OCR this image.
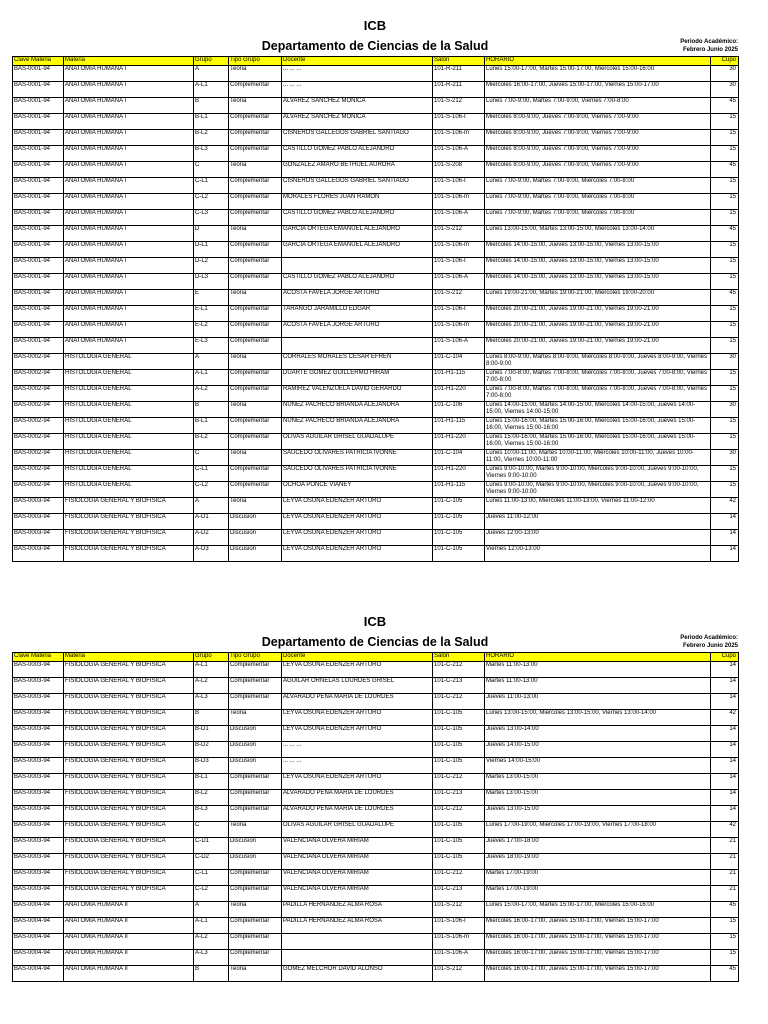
ICB
Departamento de Ciencias de la Salud	Periodo Académico:
Febrero Junio 2025
Clave Materia	Materia	Grupo	Tipo Grupo	Docente	Salón	HORARIO	Cupo
BAS-0001-94	ANATOMIA HUMANA I	A	Teoria	... ... ...	101-R-211	Lunes 15:00-17:00, Martes 15:00-17:00, Miércoles 15:00-16:00	30
BAS-0001-94	ANATOMIA HUMANA I	A-L1	Complementar	... ... ...	101-R-211	Miércoles 16:00-17:00, Jueves 15:00-17:00, Viernes 15:00-17:00	30
BAS-0001-94	ANATOMIA HUMANA I	B	Teoria	ALVAREZ SANCHEZ MONICA	101-S-212	Lunes 7:00-9:00, Martes 7:00-9:00, Viernes 7:00-8:00	45
BAS-0001-94	ANATOMIA HUMANA I	B-L1	Complementar	ALVAREZ SANCHEZ MONICA	101-S-106-I	Miércoles 8:00-9:00, Jueves 7:00-9:00, Viernes 7:00-9:00	15
BAS-0001-94	ANATOMIA HUMANA I	B-L2	Complementar	CISNEROS GALLEGOS GABRIEL SANTIAGO	101-S-106-m	Miércoles 8:00-9:00, Jueves 7:00-9:00, Viernes 7:00-9:00	15
BAS-0001-94	ANATOMIA HUMANA I	B-L3	Complementar	CASTILLO GOMEZ PABLO ALEJANDRO	101-S-106-A	Miércoles 8:00-9:00, Jueves 7:00-9:00, Viernes 7:00-9:00	15
BAS-0001-94	ANATOMIA HUMANA I	C	Teoria	GONZALEZ AMARO BETHUEL AURORA	101-S-208	Miércoles 8:00-9:00, Jueves 7:00-9:00, Viernes 7:00-9:00	45
BAS-0001-94	ANATOMIA HUMANA I	C-L1	Complementar	CISNEROS GALLEGOS GABRIEL SANTIAGO	101-S-106-I	Lunes 7:00-9:00, Martes 7:00-9:00, Miércoles 7:00-8:00	15
BAS-0001-94	ANATOMIA HUMANA I	C-L2	Complementar	MORALES FLORES JUAN RAMON	101-S-106-m	Lunes 7:00-9:00, Martes 7:00-9:00, Miércoles 7:00-8:00	15
BAS-0001-94	ANATOMIA HUMANA I	C-L3	Complementar	CASTILLO GOMEZ PABLO ALEJANDRO	101-S-106-A	Lunes 7:00-9:00, Martes 7:00-9:00, Miércoles 7:00-8:00	15
BAS-0001-94	ANATOMIA HUMANA I	D	Teoria	GARCIA ORTEGA EMANUEL ALEJANDRO	101-S-212	Lunes 13:00-15:00, Martes 13:00-15:00, Miércoles 13:00-14:00	45
BAS-0001-94	ANATOMIA HUMANA I	D-L1	Complementar	GARCIA ORTEGA EMANUEL ALEJANDRO	101-S-106-m	Miércoles 14:00-15:00, Jueves 13:00-15:00, Viernes 13:00-15:00	15
BAS-0001-94	ANATOMIA HUMANA I	D-L2	Complementar		101-S-106-I	Miércoles 14:00-15:00, Jueves 13:00-15:00, Viernes 13:00-15:00	15
BAS-0001-94	ANATOMIA HUMANA I	D-L3	Complementar	CASTILLO GOMEZ PABLO ALEJANDRO	101-S-106-A	Miércoles 14:00-15:00, Jueves 13:00-15:00, Viernes 13:00-15:00	15
BAS-0001-94	ANATOMIA HUMANA I	E	Teoria	ACOSTA FAVELA JORGE ARTURO	101-S-212	Lunes 19:00-21:00, Martes 19:00-21:00, Miércoles 19:00-20:00	45
BAS-0001-94	ANATOMIA HUMANA I	E-L1	Complementar	TARANGO JARAMILLO EDGAR	101-S-106-I	Miércoles 20:00-21:00, Jueves 19:00-21:00, Viernes 19:00-21:00	15
BAS-0001-94	ANATOMIA HUMANA I	E-L2	Complementar	ACOSTA FAVELA JORGE ARTURO	101-S-106-m	Miércoles 20:00-21:00, Jueves 19:00-21:00, Viernes 19:00-21:00	15
BAS-0001-94	ANATOMIA HUMANA I	E-L3	Complementar		101-S-106-A	Miércoles 20:00-21:00, Jueves 19:00-21:00, Viernes 19:00-21:00	15
BAS-0002-94	HISTOLOGIA GENERAL	A	Teoria	CORRALES MORALES CESAR EFREN	101-C-104	Lunes 8:00-9:00, Martes 8:00-9:00, Miércoles 8:00-9:00, Jueves 8:00-9:00, Viernes 8:00-9:00	30
BAS-0002-94	HISTOLOGIA GENERAL	A-L1	Complementar	DUARTE GOMEZ GUILLERMO HIRAM	101-H1-115	Lunes 7:00-8:00, Martes 7:00-8:00, Miércoles 7:00-8:00, Jueves 7:00-8:00, Viernes 7:00-8:00	15
BAS-0002-94	HISTOLOGIA GENERAL	A-L2	Complementar	RAMIREZ VALENZUELA DAVID GERARDO	101-H1-220	Lunes 7:00-8:00, Martes 7:00-8:00, Miércoles 7:00-8:00, Jueves 7:00-8:00, Viernes 7:00-8:00	15
BAS-0002-94	HISTOLOGIA GENERAL	B	Teoria	NUÑEZ PACHECO BRIANDA ALEJANDRA	101-C-106	Lunes 14:00-15:00, Martes 14:00-15:00, Miércoles 14:00-15:00, Jueves 14:00-15:00, Viernes 14:00-15:00	30
BAS-0002-94	HISTOLOGIA GENERAL	B-L1	Complementar	NUÑEZ PACHECO BRIANDA ALEJANDRA	101-H1-115	Lunes 15:00-16:00, Martes 15:00-16:00, Miércoles 15:00-16:00, Jueves 15:00-16:00, Viernes 15:00-16:00	15
BAS-0002-94	HISTOLOGIA GENERAL	B-L2	Complementar	OLIVAS AGUILAR GRISEL GUADALUPE	101-H1-220	Lunes 15:00-16:00, Martes 15:00-16:00, Miércoles 15:00-16:00, Jueves 15:00-16:00, Viernes 15:00-16:00	15
BAS-0002-94	HISTOLOGIA GENERAL	C	Teoria	SAUCEDO OLIVARES PATRICIA IVONNE	101-C-104	Lunes 10:00-11:00, Martes 10:00-11:00, Miércoles 10:00-11:00, Jueves 10:00-11:00, Viernes 10:00-11:00	30
BAS-0002-94	HISTOLOGIA GENERAL	C-L1	Complementar	SAUCEDO OLIVARES PATRICIA IVONNE	101-H1-220	Lunes 9:00-10:00, Martes 9:00-10:00, Miércoles 9:00-10:00, Jueves 9:00-10:00, Viernes 9:00-10:00	15
BAS-0002-94	HISTOLOGIA GENERAL	C-L2	Complementar	OCHOA PONCE VIANEY	101-H1-115	Lunes 9:00-10:00, Martes 9:00-10:00, Miércoles 9:00-10:00, Jueves 9:00-10:00, Viernes 9:00-10:00	15
BAS-0003-94	FISIOLOGIA GENERAL Y BIOFISICA	A	Teoria	LEYVA OSUNA EDENZER ARTURO	101-C-105	Lunes 11:00-13:00, Miércoles 11:00-13:00, Viernes 11:00-12:00	42
BAS-0003-94	FISIOLOGIA GENERAL Y BIOFISICA	A-D1	Discusion	LEYVA OSUNA EDENZER ARTURO	101-C-105	Jueves 11:00-12:00	14
BAS-0003-94	FISIOLOGIA GENERAL Y BIOFISICA	A-D2	Discusion	LEYVA OSUNA EDENZER ARTURO	101-C-105	Jueves 12:00-13:00	14
BAS-0003-94	FISIOLOGIA GENERAL Y BIOFISICA	A-D3	Discusion	LEYVA OSUNA EDENZER ARTURO	101-C-105	Viernes 12:00-13:00	14
ICB
Departamento de Ciencias de la Salud	Periodo Académico:
Febrero Junio 2025
Clave Materia	Materia	Grupo	Tipo Grupo	Docente	Salón	HORARIO	Cupo
BAS-0003-94	FISIOLOGIA GENERAL Y BIOFISICA	A-L1	Complementar	LEYVA OSUNA EDENZER ARTURO	101-C-212	Martes 11:00-13:00	14
BAS-0003-94	FISIOLOGIA GENERAL Y BIOFISICA	A-L2	Complementar	AGUILAR ORNELAS LOURDES GRISEL	101-C-213	Martes 11:00-13:00	14
BAS-0003-94	FISIOLOGIA GENERAL Y BIOFISICA	A-L3	Complementar	ALVARADO PEÑA MARIA DE LOURDES	101-C-212	Jueves 11:00-13:00	14
BAS-0003-94	FISIOLOGIA GENERAL Y BIOFISICA	B	Teoria	LEYVA OSUNA EDENZER ARTURO	101-C-105	Lunes 13:00-15:00, Miercoles 13:00-15:00, Viernes 13:00-14:00	42
BAS-0003-94	FISIOLOGIA GENERAL Y BIOFISICA	B-D1	Discusion	LEYVA OSUNA EDENZER ARTURO	101-C-105	Jueves 13:00-14:00	14
BAS-0003-94	FISIOLOGIA GENERAL Y BIOFISICA	B-D2	Discusion	... ... ...	101-C-105	Jueves 14:00-15:00	14
BAS-0003-94	FISIOLOGIA GENERAL Y BIOFISICA	B-D3	Discusion	... ... ...	101-C-105	Viernes 14:00-15:00	14
BAS-0003-94	FISIOLOGIA GENERAL Y BIOFISICA	B-L1	Complementar	LEYVA OSUNA EDENZER ARTURO	101-C-212	Martes 13:00-15:00	14
BAS-0003-94	FISIOLOGIA GENERAL Y BIOFISICA	B-L2	Complementar	ALVARADO PEÑA MARIA DE LOURDES	101-C-213	Martes 13:00-15:00	14
BAS-0003-94	FISIOLOGIA GENERAL Y BIOFISICA	B-L3	Complementar	ALVARADO PEÑA MARIA DE LOURDES	101-C-212	Jueves 13:00-15:00	14
BAS-0003-94	FISIOLOGIA GENERAL Y BIOFISICA	C	Teoria	OLIVAS AGUILAR GRISEL GUADALUPE	101-C-105	Lunes 17:00-19:00, Miercoles 17:00-19:00, Viernes 17:00-18:00	42
BAS-0003-94	FISIOLOGIA GENERAL Y BIOFISICA	C-D1	Discusion	VALENCIANA OLVERA MIRIAM	101-C-105	Jueves 17:00-18:00	21
BAS-0003-94	FISIOLOGIA GENERAL Y BIOFISICA	C-D2	Discusion	VALENCIANA OLVERA MIRIAM	101-C-105	Jueves 18:00-19:00	21
BAS-0003-94	FISIOLOGIA GENERAL Y BIOFISICA	C-L1	Complementar	VALENCIANA OLVERA MIRIAM	101-C-212	Martes 17:00-19:00	21
BAS-0003-94	FISIOLOGIA GENERAL Y BIOFISICA	C-L2	Complementar	VALENCIANA OLVERA MIRIAM	101-C-213	Martes 17:00-19:00	21
BAS-0004-94	ANATOMIA HUMANA II	A	Teoria	PADILLA HERNANDEZ ALMA ROSA	101-S-212	Lunes 15:00-17:00, Martes 15:00-17:00, Miércoles 15:00-16:00	45
BAS-0004-94	ANATOMIA HUMANA II	A-L1	Complementar	PADILLA HERNANDEZ ALMA ROSA	101-S-106-I	Miércoles 16:00-17:00, Jueves 15:00-17:00, Viernes 15:00-17:00	15
BAS-0004-94	ANATOMIA HUMANA II	A-L2	Complementar		101-S-106-m	Miércoles 16:00-17:00, Jueves 15:00-17:00, Viernes 15:00-17:00	15
BAS-0004-94	ANATOMIA HUMANA II	A-L3	Complementar		101-S-106-A	Miércoles 16:00-17:00, Jueves 15:00-17:00, Viernes 15:00-17:00	15
BAS-0004-94	ANATOMIA HUMANA II	B	Teoria	GOMEZ MELCHOR DAVID ALONSO	101-S-212	Miércoles 16:00-17:00, Jueves 15:00-17:00, Viernes 15:00-17:00	45
